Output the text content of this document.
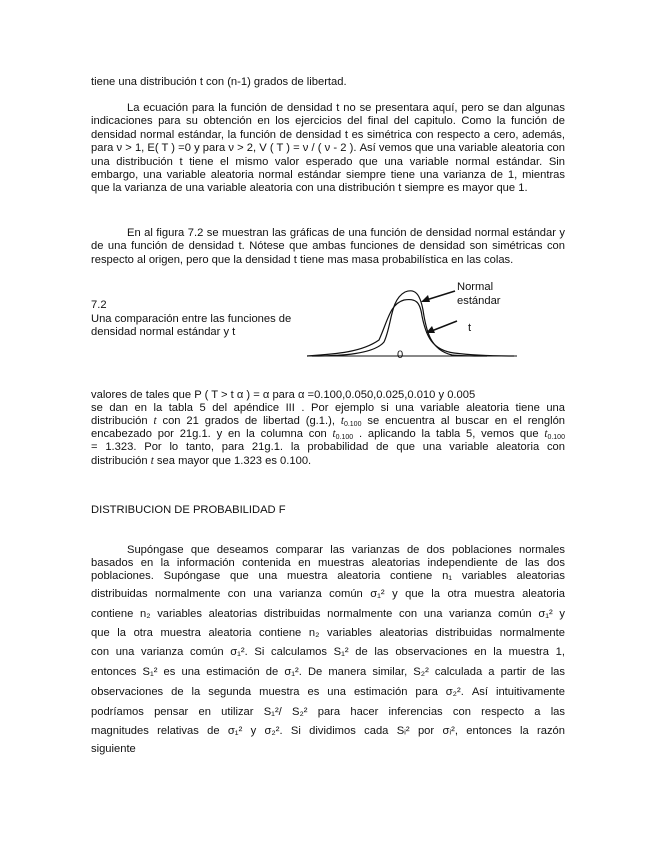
tiene una distribución t con (n-1) grados de libertad.

La ecuación para la función de densidad t no se presentara aquí, pero se dan algunas indicaciones para su obtención en los ejercicios del final del capitulo. Como la función de densidad normal estándar, la función de densidad t es simétrica con respecto a cero, además, para ν > 1, E( T ) =0 y para ν > 2, V ( T ) = ν / ( ν - 2 ). Así vemos que una variable aleatoria con una distribución t tiene el mismo valor esperado que una variable normal estándar. Sin embargo, una variable aleatoria normal estándar siempre tiene una varianza de 1, mientras que la varianza de una variable aleatoria con una distribución t siempre es mayor que 1.

En al figura 7.2 se muestran las gráficas de una función de densidad normal estándar y de una función de densidad t. Nótese que ambas funciones de densidad son simétricas con respecto al origen, pero que la densidad t tiene mas masa probabilística en las colas.

7.2
Una comparación entre las funciones de densidad normal estándar y t
Normal
estándar
t
0
valores de tales que P ( T > t α ) = α para α =0.100,0.050,0.025,0.010 y 0.005
se dan en la tabla 5 del apéndice III . Por ejemplo si una variable aleatoria tiene una
distribución t con 21 grados de libertad (g.1.), $t_{0.100}$ se encuentra al buscar en el renglón
encabezado por 21g.1. y en la columna con $t_{0.100}$ . aplicando la tabla 5, vemos que $t_{0.100}$
= 1.323. Por lo tanto, para 21g.1. la probabilidad de que una variable aleatoria con
distribución t sea mayor que 1.323 es 0.100.
DISTRIBUCION DE PROBABILIDAD F
Supóngase que deseamos comparar las varianzas de dos poblaciones normales
basados en la información contenida en muestras aleatorias independiente de las dos
poblaciones. Supóngase que una muestra aleatoria contiene n₁ variables aleatorias
distribuidas normalmente con una varianza común σ₁² y que la otra muestra aleatoria
contiene n₂ variables aleatorias distribuidas normalmente con una varianza común σ₁² y
que la otra muestra aleatoria contiene n₂ variables aleatorias distribuidas normalmente
con una varianza común σ₁². Si calculamos S₁² de las observaciones en la muestra 1,
entonces S₁² es una estimación de σ₁². De manera similar, S₂² calculada a partir de las
observaciones de la segunda muestra es una estimación para σ₂². Así intuitivamente
podríamos pensar en utilizar S₁²/ S₂² para hacer inferencias con respecto a las
magnitudes relativas de σ₁² y σ₂². Si dividimos cada Sᵢ² por σᵢ², entonces la razón
siguiente
